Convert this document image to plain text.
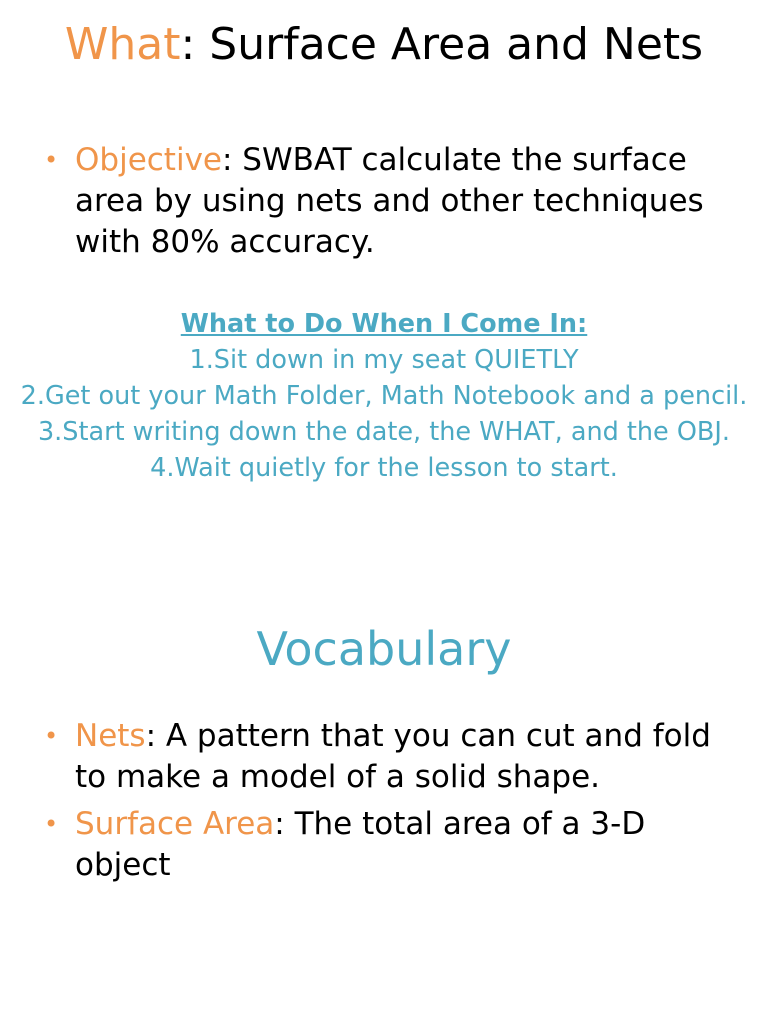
What: Surface Area and Nets
• Objective: SWBAT calculate the surface area by using nets and other techniques with 80% accuracy.
What to Do When I Come In:
1.Sit down in my seat QUIETLY
2.Get out your Math Folder, Math Notebook and a pencil.
3.Start writing down the date, the WHAT, and the OBJ.
4.Wait quietly for the lesson to start.
Vocabulary
• Nets: A pattern that you can cut and fold to make a model of a solid shape.
• Surface Area: The total area of a 3-D object
